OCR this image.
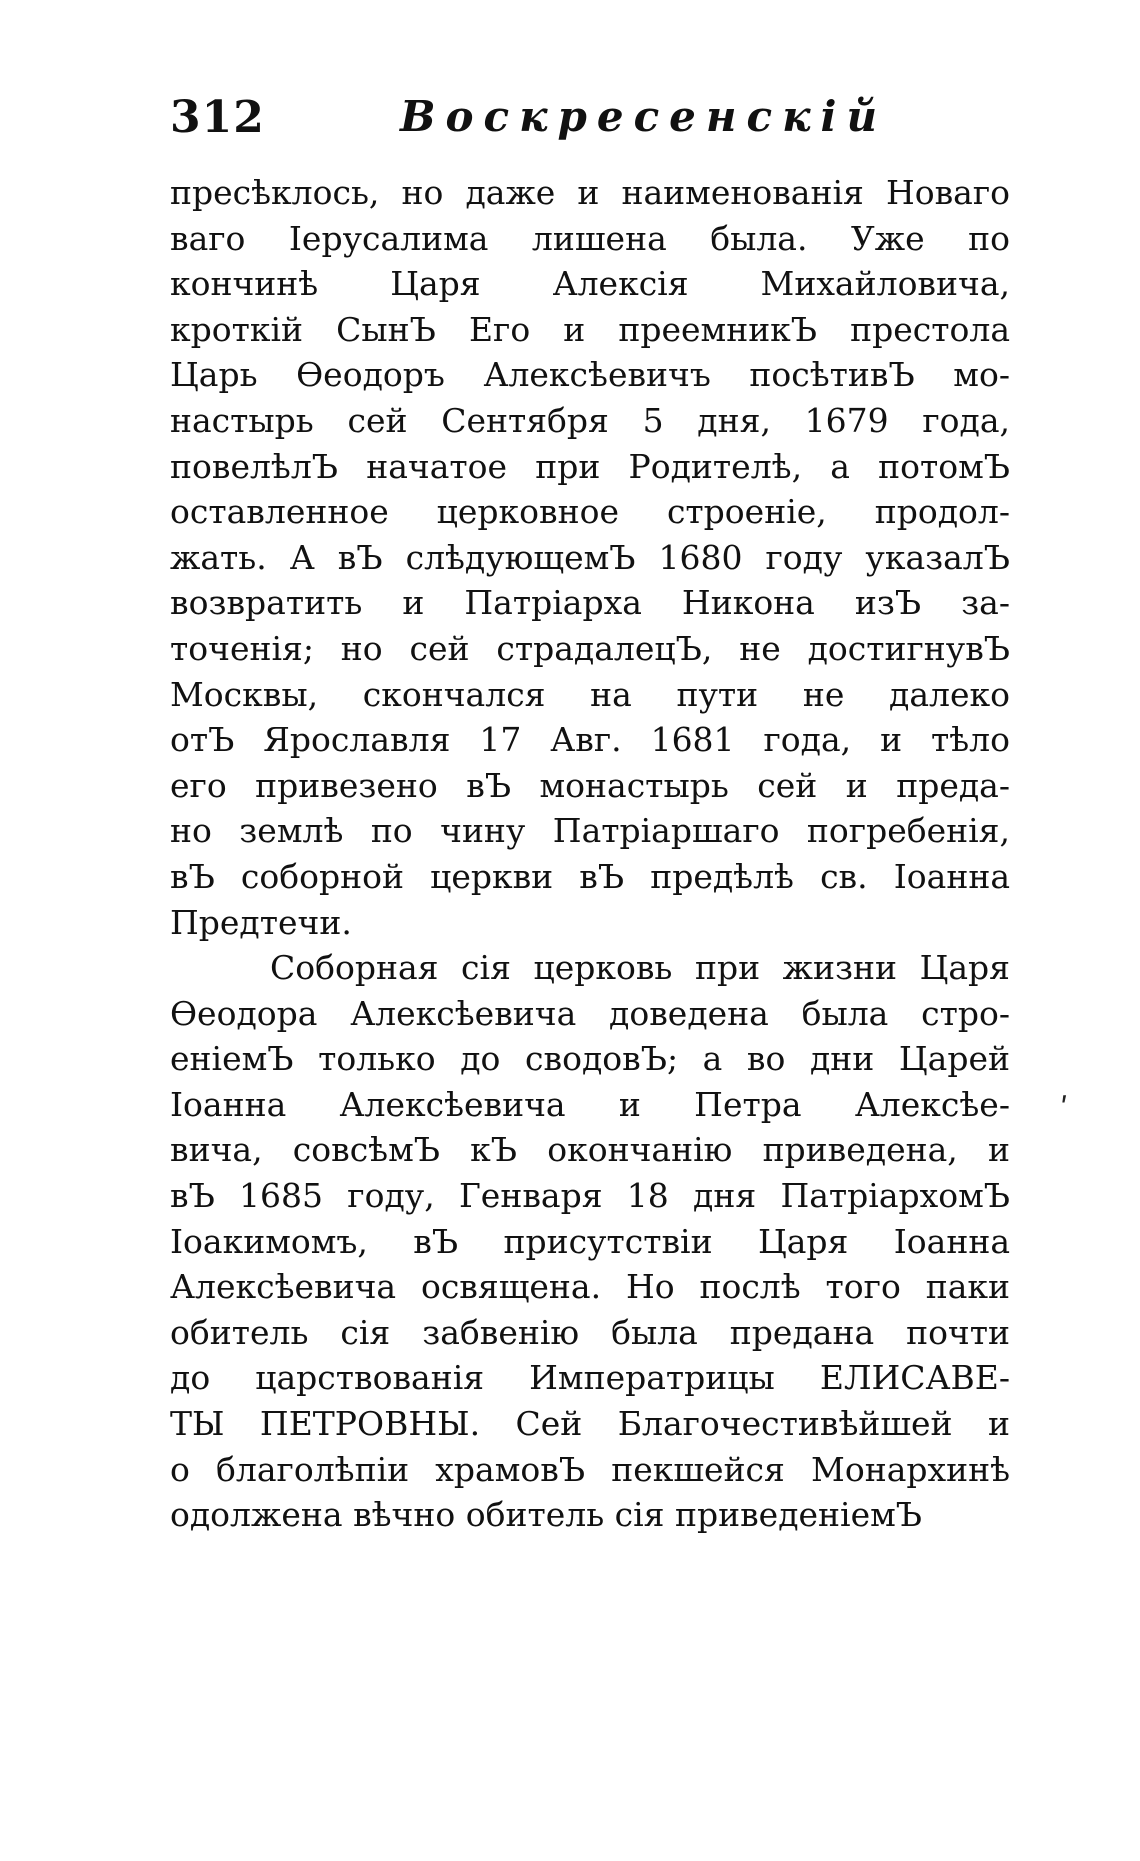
312	Воскресенскій
пресѣклось, но даже и наименованія Новаго
ваго Іерусалима лишена была. Уже по
кончинѣ Царя Алексія Михайловича,
кроткій СынЪ Его и преемникЪ престола
Царь Ѳеодоръ Алексѣевичъ посѣтивЪ мо-
настырь сей Сентября 5 дня, 1679 года,
повелѣлЪ начатое при Родителѣ, а потомЪ
оставленное церковное строеніе, продол-
жать. А вЪ слѣдующемЪ 1680 году указалЪ
возвратить и Патріарха Никона изЪ за-
точенія; но сей страдалецЪ, не достигнувЪ
Москвы, скончался на пути не далеко
отЪ Ярославля 17 Авг. 1681 года, и тѣло
его привезено вЪ монастырь сей и преда-
но землѣ по чину Патріаршаго погребенія,
вЪ соборной церкви вЪ предѣлѣ св. Іоанна
Предтечи.
Соборная сія церковь при жизни Царя
Ѳеодора Алексѣевича доведена была стро-
еніемЪ только до сводовЪ; а во дни Царей
Іоанна Алексѣевича и Петра Алексѣе-
вича, совсѣмЪ кЪ окончанію приведена, и
вЪ 1685 году, Генваря 18 дня ПатріархомЪ
Іоакимомъ, вЪ присутствіи Царя Іоанна
Алексѣевича освящена. Но послѣ того паки
обитель сія забвенію была предана почти
до царствованія Императрицы ЕЛИСАВЕ-
ТЫ ПЕТРОВНЫ. Сей Благочестивѣйшей и
о благолѣпіи храмовЪ пекшейся Монархинѣ
одолжена вѣчно обитель сія приведеніемЪ
ʹ
